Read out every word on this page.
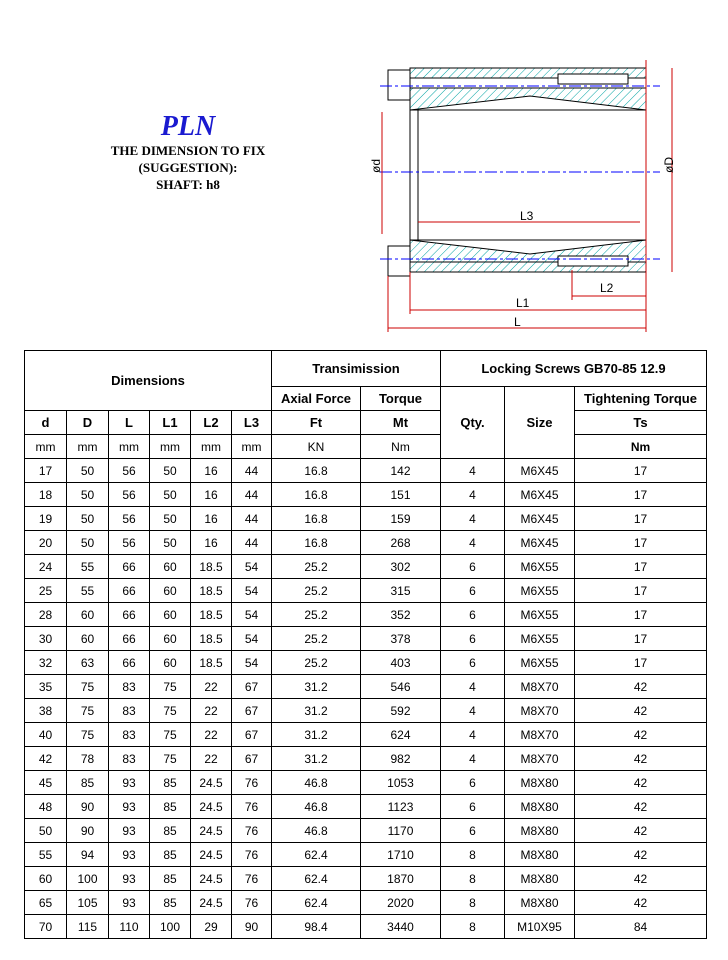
PLN
THE DIMENSION TO FIX
(SUGGESTION):
SHAFT: h8
ød	øD
L3
L2
L1
L
Dimensions						Transimission		Locking Screws GB70-85 12.9		
						Axial Force	Torque	Qty.	Size	Tightening Torque
d	D	L	L1	L2	L3	Ft	Mt			Ts
mm	mm	mm	mm	mm	mm	KN	Nm			Nm
17	50	56	50	16	44	16.8	142	4	M6X45	17
18	50	56	50	16	44	16.8	151	4	M6X45	17
19	50	56	50	16	44	16.8	159	4	M6X45	17
20	50	56	50	16	44	16.8	268	4	M6X45	17
24	55	66	60	18.5	54	25.2	302	6	M6X55	17
25	55	66	60	18.5	54	25.2	315	6	M6X55	17
28	60	66	60	18.5	54	25.2	352	6	M6X55	17
30	60	66	60	18.5	54	25.2	378	6	M6X55	17
32	63	66	60	18.5	54	25.2	403	6	M6X55	17
35	75	83	75	22	67	31.2	546	4	M8X70	42
38	75	83	75	22	67	31.2	592	4	M8X70	42
40	75	83	75	22	67	31.2	624	4	M8X70	42
42	78	83	75	22	67	31.2	982	4	M8X70	42
45	85	93	85	24.5	76	46.8	1053	6	M8X80	42
48	90	93	85	24.5	76	46.8	1123	6	M8X80	42
50	90	93	85	24.5	76	46.8	1170	6	M8X80	42
55	94	93	85	24.5	76	62.4	1710	8	M8X80	42
60	100	93	85	24.5	76	62.4	1870	8	M8X80	42
65	105	93	85	24.5	76	62.4	2020	8	M8X80	42
70	115	110	100	29	90	98.4	3440	8	M10X95	84
